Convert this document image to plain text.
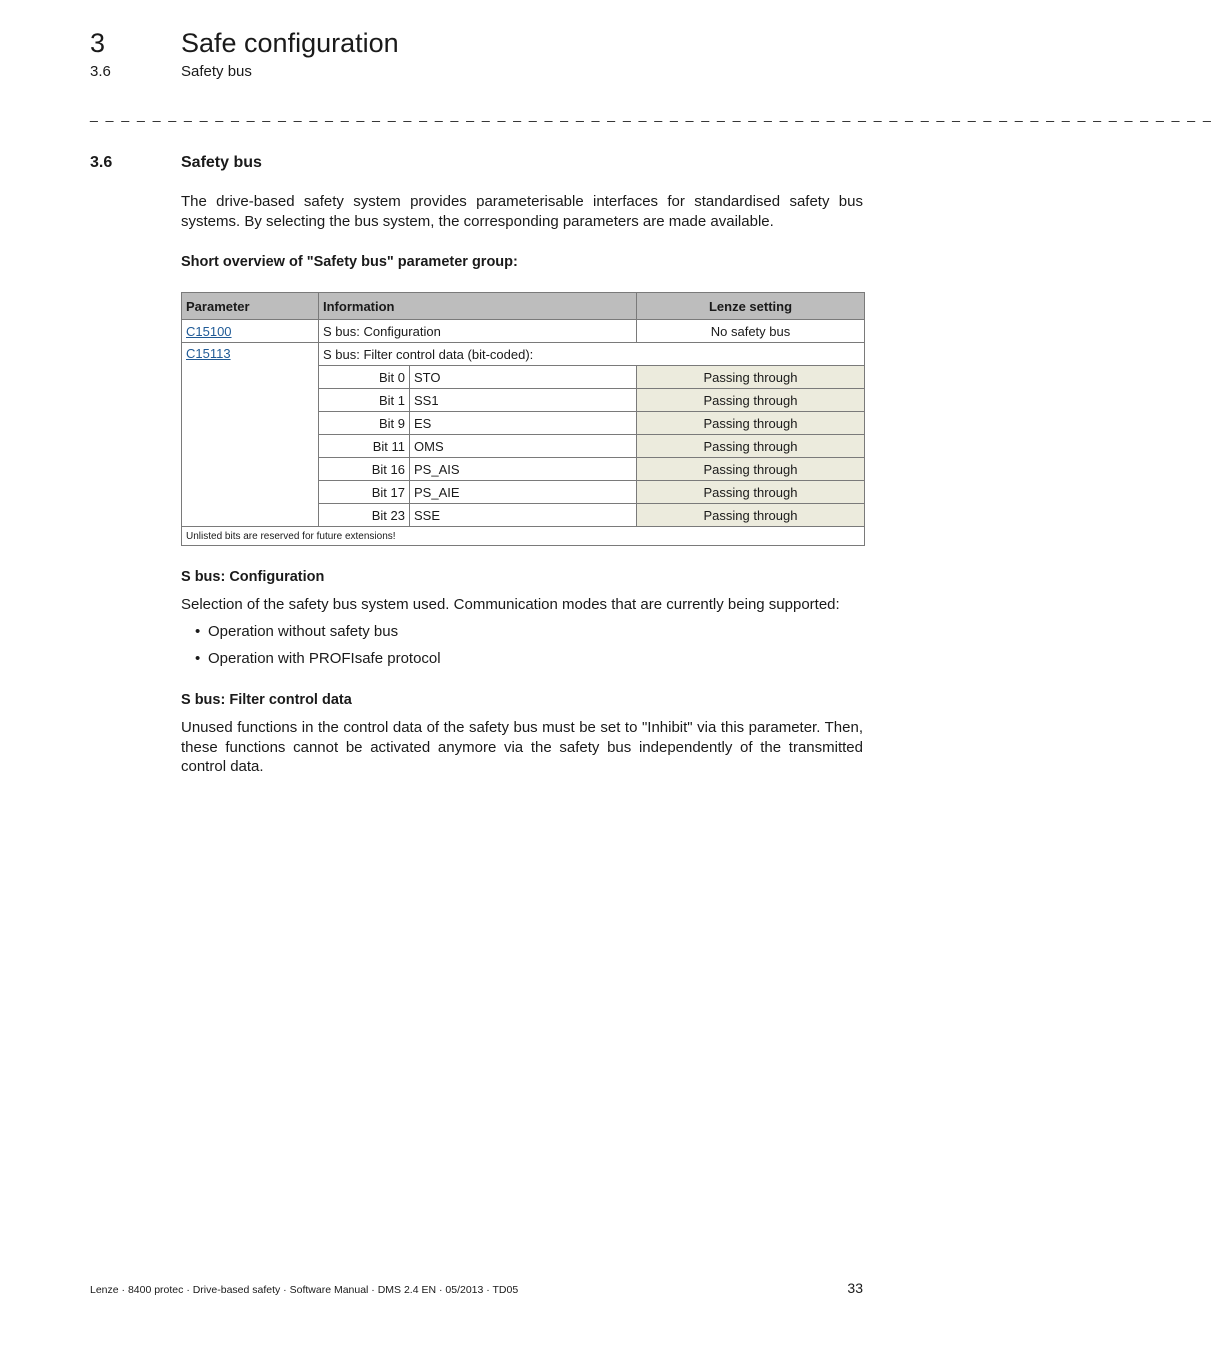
3	Safe configuration
3.6	Safety bus
_ _ _ _ _ _ _ _ _ _ _ _ _ _ _ _ _ _ _ _ _ _ _ _ _ _ _ _ _ _ _ _ _ _ _ _ _ _ _ _ _ _ _ _ _ _ _ _ _ _ _ _ _ _ _ _ _ _ _ _ _ _ _ _ _ _ _ _ _ _ _ _
3.6	Safety bus
The drive-based safety system provides parameterisable interfaces for standardised safety bus systems. By selecting the bus system, the corresponding parameters are made available.
Short overview of "Safety bus" parameter group:
Parameter	Information		Lenze setting
C15100	S bus: Configuration		No safety bus
C15113	S bus: Filter control data (bit-coded):		
	Bit 0	STO	Passing through
	Bit 1	SS1	Passing through
	Bit 9	ES	Passing through
	Bit 11	OMS	Passing through
	Bit 16	PS_AIS	Passing through
	Bit 17	PS_AIE	Passing through
	Bit 23	SSE	Passing through
Unlisted bits are reserved for future extensions!			
S bus: Configuration
Selection of the safety bus system used. Communication modes that are currently being supported:
• Operation without safety bus
• Operation with PROFIsafe protocol
S bus: Filter control data
Unused functions in the control data of the safety bus must be set to "Inhibit" via this parameter. Then, these functions cannot be activated anymore via the safety bus independently of the transmitted control data.
Lenze · 8400 protec · Drive-based safety · Software Manual · DMS 2.4 EN · 05/2013 · TD05	33
